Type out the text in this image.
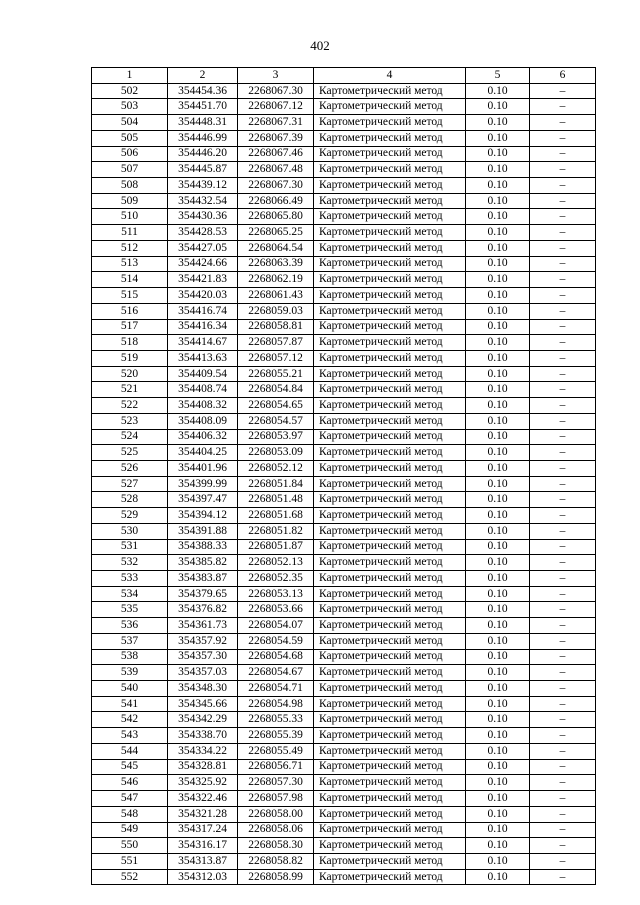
402
1	2	3	4	5	6
502	354454.36	2268067.30	Картометрический метод	0.10	–
503	354451.70	2268067.12	Картометрический метод	0.10	–
504	354448.31	2268067.31	Картометрический метод	0.10	–
505	354446.99	2268067.39	Картометрический метод	0.10	–
506	354446.20	2268067.46	Картометрический метод	0.10	–
507	354445.87	2268067.48	Картометрический метод	0.10	–
508	354439.12	2268067.30	Картометрический метод	0.10	–
509	354432.54	2268066.49	Картометрический метод	0.10	–
510	354430.36	2268065.80	Картометрический метод	0.10	–
511	354428.53	2268065.25	Картометрический метод	0.10	–
512	354427.05	2268064.54	Картометрический метод	0.10	–
513	354424.66	2268063.39	Картометрический метод	0.10	–
514	354421.83	2268062.19	Картометрический метод	0.10	–
515	354420.03	2268061.43	Картометрический метод	0.10	–
516	354416.74	2268059.03	Картометрический метод	0.10	–
517	354416.34	2268058.81	Картометрический метод	0.10	–
518	354414.67	2268057.87	Картометрический метод	0.10	–
519	354413.63	2268057.12	Картометрический метод	0.10	–
520	354409.54	2268055.21	Картометрический метод	0.10	–
521	354408.74	2268054.84	Картометрический метод	0.10	–
522	354408.32	2268054.65	Картометрический метод	0.10	–
523	354408.09	2268054.57	Картометрический метод	0.10	–
524	354406.32	2268053.97	Картометрический метод	0.10	–
525	354404.25	2268053.09	Картометрический метод	0.10	–
526	354401.96	2268052.12	Картометрический метод	0.10	–
527	354399.99	2268051.84	Картометрический метод	0.10	–
528	354397.47	2268051.48	Картометрический метод	0.10	–
529	354394.12	2268051.68	Картометрический метод	0.10	–
530	354391.88	2268051.82	Картометрический метод	0.10	–
531	354388.33	2268051.87	Картометрический метод	0.10	–
532	354385.82	2268052.13	Картометрический метод	0.10	–
533	354383.87	2268052.35	Картометрический метод	0.10	–
534	354379.65	2268053.13	Картометрический метод	0.10	–
535	354376.82	2268053.66	Картометрический метод	0.10	–
536	354361.73	2268054.07	Картометрический метод	0.10	–
537	354357.92	2268054.59	Картометрический метод	0.10	–
538	354357.30	2268054.68	Картометрический метод	0.10	–
539	354357.03	2268054.67	Картометрический метод	0.10	–
540	354348.30	2268054.71	Картометрический метод	0.10	–
541	354345.66	2268054.98	Картометрический метод	0.10	–
542	354342.29	2268055.33	Картометрический метод	0.10	–
543	354338.70	2268055.39	Картометрический метод	0.10	–
544	354334.22	2268055.49	Картометрический метод	0.10	–
545	354328.81	2268056.71	Картометрический метод	0.10	–
546	354325.92	2268057.30	Картометрический метод	0.10	–
547	354322.46	2268057.98	Картометрический метод	0.10	–
548	354321.28	2268058.00	Картометрический метод	0.10	–
549	354317.24	2268058.06	Картометрический метод	0.10	–
550	354316.17	2268058.30	Картометрический метод	0.10	–
551	354313.87	2268058.82	Картометрический метод	0.10	–
552	354312.03	2268058.99	Картометрический метод	0.10	–
